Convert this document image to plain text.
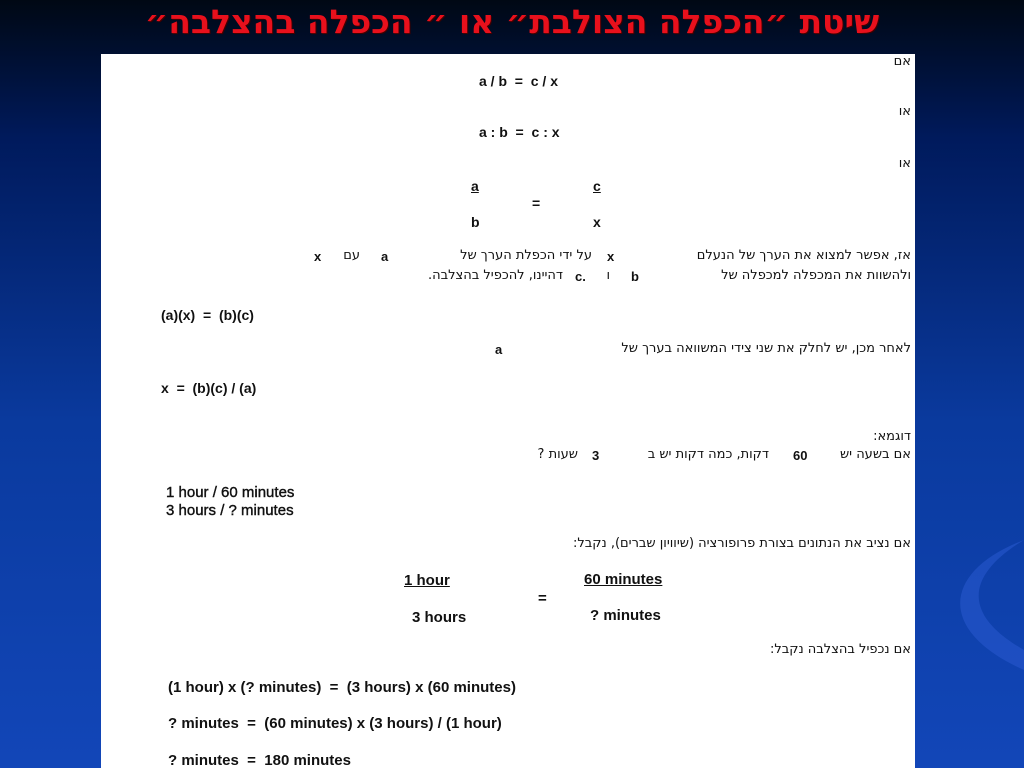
שיטת ״הכפלה הצולבת״ או ״ הכפלה בהצלבה״
אם
a / b  =  c / x
או
a : b  =  c : x
או
a
b
=
c
x
אז, אפשר למצוא את הערך של הנעלם
x
על ידי הכפלת הערך של
a
עם
x
ולהשוות את המכפלה למכפלה של
b
ו
c.
דהיינו, להכפיל בהצלבה.
(a)(x)  =  (b)(c)
לאחר מכן, יש לחלק את שני צידי המשוואה בערך של
a
x  =  (b)(c) / (a)
דוגמא:
אם בשעה יש
60
דקות, כמה דקות יש ב
3
שעות ?
1 hour / 60 minutes
3 hours / ? minutes
אם נציב את הנתונים בצורת פרופורציה (שיוויון שברים), נקבל:
1 hour
3 hours
=
60 minutes
? minutes
אם נכפיל בהצלבה נקבל:
(1 hour) x (? minutes)  =  (3 hours) x (60 minutes)
? minutes  =  (60 minutes) x (3 hours) / (1 hour)
? minutes  =  180 minutes
